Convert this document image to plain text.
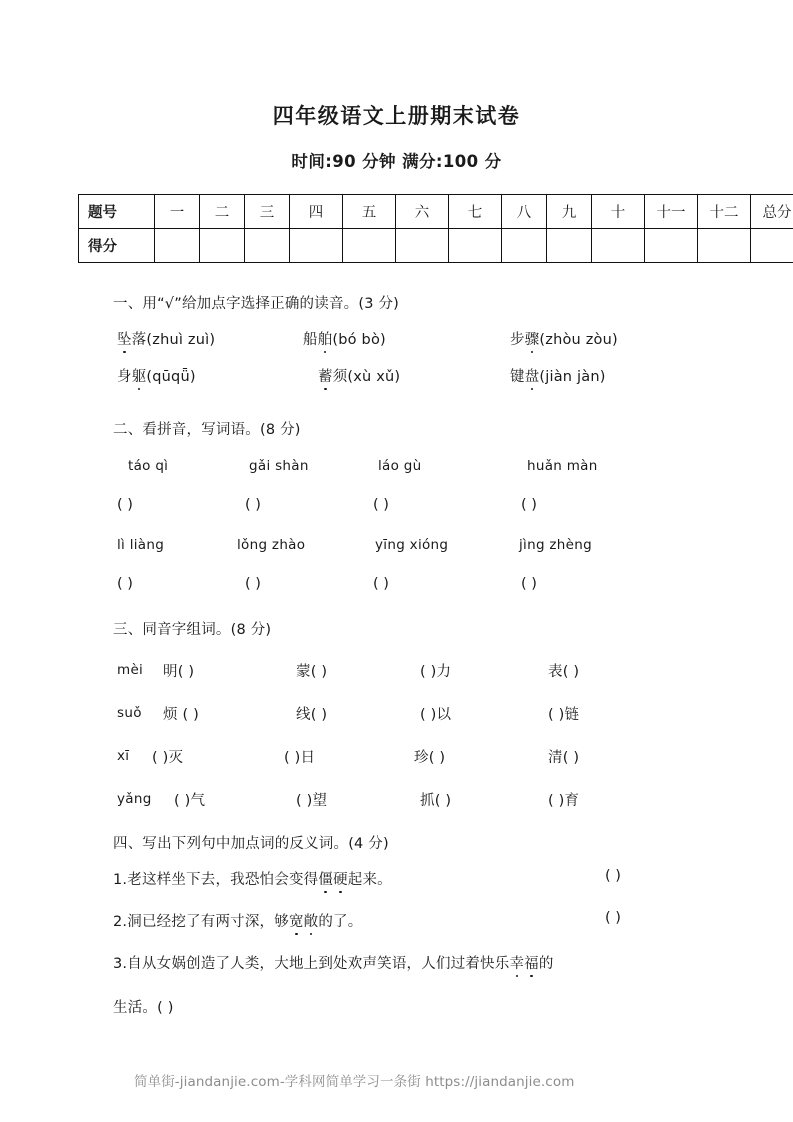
四年级语文上册期末试卷
时间:90 分钟 满分:100 分
题号	一	二	三	四	五	六	七	八	九	十	十一	十二	总分
得分													
一、用“√”给加点字选择正确的读音。(3 分)
坠落(zhuì zuì)	船舶(bó bò)	步骤(zhòu zòu)
身躯(qūqǖ)	蓄须(xù xǔ)	键盘(jiàn jàn)
二、看拼音，写词语。(8 分)
táo qì	gǎi shàn	láo gù	huǎn màn
( )	( )	( )	( )
lì liàng	lǒng zhào	yīng xióng	jìng zhèng
( )	( )	( )	( )
三、同音字组词。(8 分)
mèi 明( )	蒙( )	( )力	表( )
suǒ 烦 ( )	线( )	( )以	( )链
xī ( )灭	( )日	珍( )	清( )
yǎng ( )气	( )望	抓( )	( )育
四、写出下列句中加点词的反义词。(4 分)
1.老这样坐下去，我恐怕会变得僵硬起来。	( )
2.洞已经挖了有两寸深，够宽敞的了。	( )
3.自从女娲创造了人类，大地上到处欢声笑语，人们过着快乐幸福的
生活。( )
简单街-jiandanjie.com-学科网简单学习一条街 https://jiandanjie.com
